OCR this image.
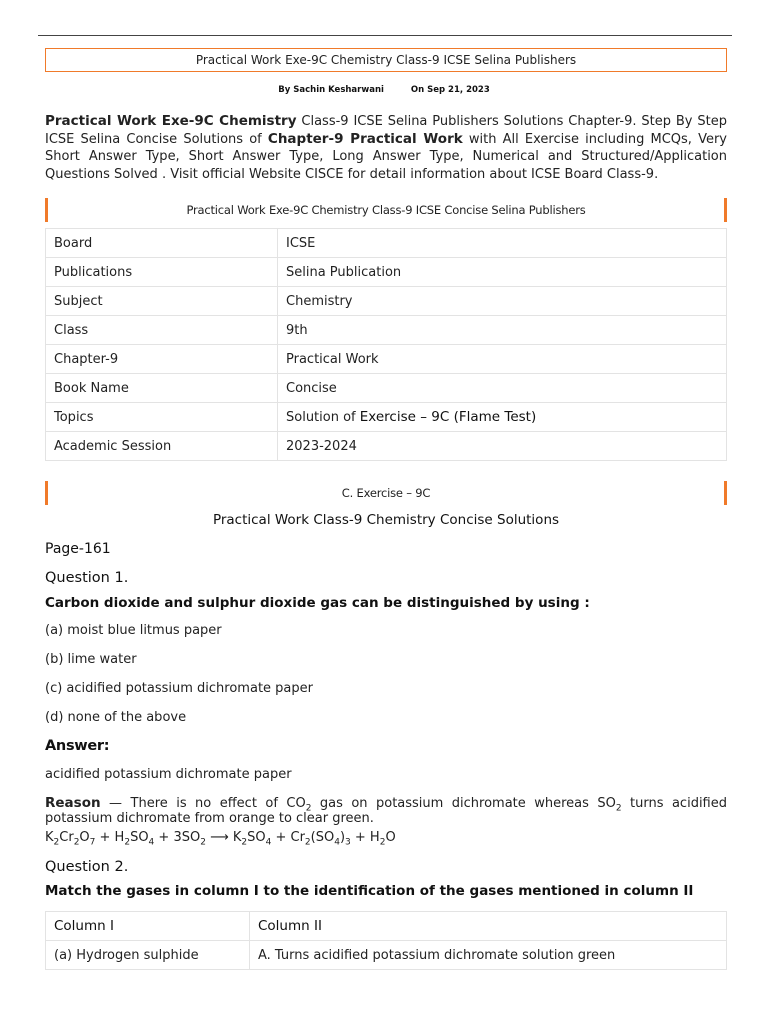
Practical Work Exe-9C Chemistry Class-9 ICSE Selina Publishers
By Sachin Kesharwani	On Sep 21, 2023

Practical Work Exe-9C Chemistry Class-9 ICSE Selina Publishers Solutions Chapter-9. Step By Step ICSE Selina Concise Solutions of Chapter-9 Practical Work with All Exercise including MCQs, Very Short Answer Type, Short Answer Type, Long Answer Type, Numerical and Structured/Application Questions Solved . Visit official Website CISCE for detail information about ICSE Board Class-9.

Practical Work Exe-9C Chemistry Class-9 ICSE Concise Selina Publishers
Board	ICSE
Publications	Selina Publication
Subject	Chemistry
Class	9th
Chapter-9	Practical Work
Book Name	Concise
Topics	Solution of Exercise – 9C (Flame Test)
Academic Session	2023-2024
C. Exercise – 9C
Practical Work Class-9 Chemistry Concise Solutions
Page-161
Question 1.
Carbon dioxide and sulphur dioxide gas can be distinguished by using :
(a) moist blue litmus paper
(b) lime water
(c) acidified potassium dichromate paper
(d) none of the above
Answer:
acidified potassium dichromate paper

Reason — There is no effect of $CO_2$ gas on potassium dichromate whereas $SO_2$ turns acidified potassium dichromate from orange to clear green.

$K_2Cr_2O_7 + H_2SO_4 + 3SO_2$ ⟶ $K_2SO_4 + Cr_2(SO_4)_3 + H_2O$
Question 2.
Match the gases in column I to the identification of the gases mentioned in column II
Column I	Column II
(a) Hydrogen sulphide	A. Turns acidified potassium dichromate solution green
